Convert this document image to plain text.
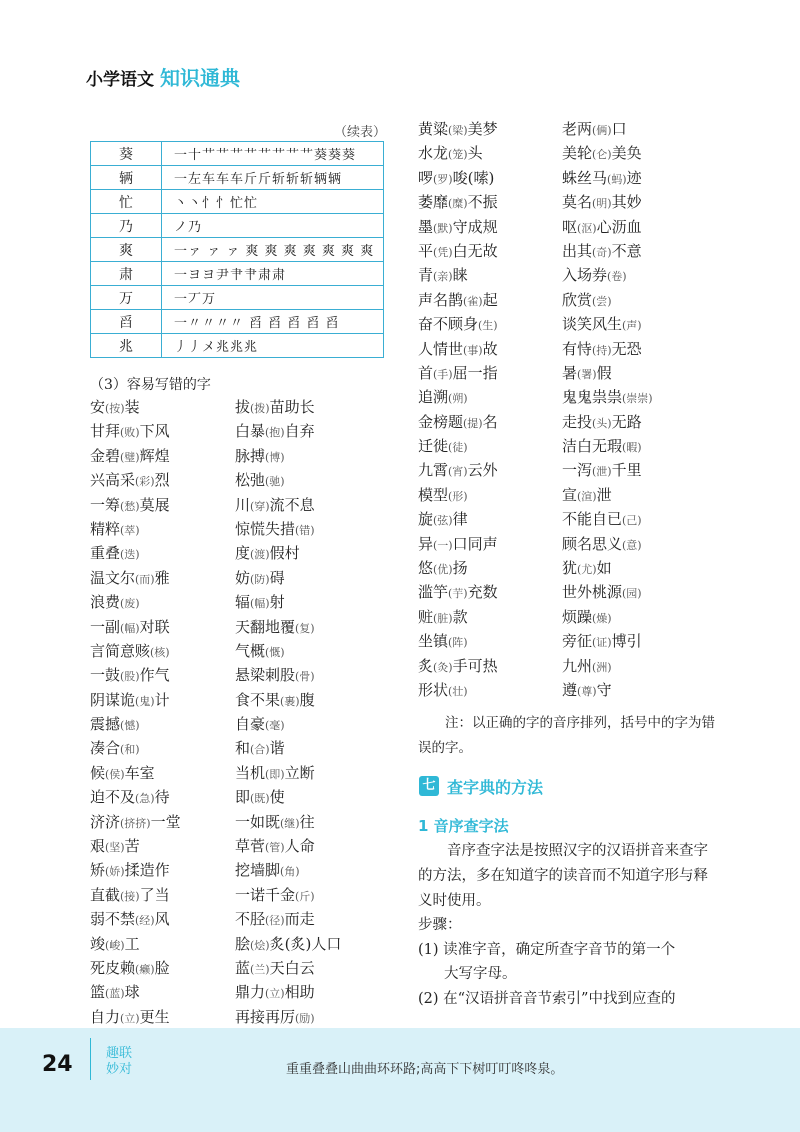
小学语文 知识通典
（续表）
葵	一十艹艹艹艹艹艹艹艹葵葵葵
辆	一左车车车斤斤斩斩斩辆辆
忙	丶丶忄忄忙忙
乃	ノ乃
爽	一ァ ァ ァ 爽 爽 爽 爽 爽 爽 爽
肃	一ヨヨ尹肀肀肃肃
万	一丆万
舀	一〃〃〃〃 舀 舀 舀 舀 舀
兆	丿丿メ兆兆兆
（3）容易写错的字
安(按)装
甘拜(败)下风
金碧(璧)辉煌
兴高采(彩)烈
一筹(愁)莫展
精粹(萃)
重叠(迭)
温文尔(而)雅
浪费(废)
一副(幅)对联
言简意赅(核)
一鼓(股)作气
阴谋诡(鬼)计
震撼(憾)
凑合(和)
候(侯)车室
迫不及(急)待
济济(挤挤)一堂
艰(坚)苦
矫(娇)揉造作
直截(接)了当
弱不禁(经)风
竣(峻)工
死皮赖(癞)脸
篮(蓝)球
自力(立)更生
拔(拨)苗助长
白暴(抱)自弃
脉搏(博)
松弛(驰)
川(穿)流不息
惊慌失措(错)
度(渡)假村
妨(防)碍
辐(幅)射
天翻地覆(复)
气概(慨)
悬梁刺股(骨)
食不果(裹)腹
自豪(毫)
和(合)谐
当机(即)立断
即(既)使
一如既(继)往
草菅(管)人命
挖墙脚(角)
一诺千金(斤)
不胫(径)而走
脍(烩)炙(炙)人口
蓝(兰)天白云
鼎力(立)相助
再接再厉(励)
黄粱(梁)美梦
水龙(笼)头
啰(罗)唆(嗦)
萎靡(糜)不振
墨(默)守成规
平(凭)白无故
青(亲)睐
声名鹊(雀)起
奋不顾身(生)
人情世(事)故
首(手)屈一指
追溯(朔)
金榜题(提)名
迁徙(徒)
九霄(宵)云外
模型(形)
旋(弦)律
异(一)口同声
悠(优)扬
滥竽(芋)充数
赃(脏)款
坐镇(阵)
炙(灸)手可热
形状(壮)
老两(俩)口
美轮(仑)美奂
蛛丝马(蚂)迹
莫名(明)其妙
呕(沤)心沥血
出其(奇)不意
入场券(卷)
欣赏(尝)
谈笑风生(声)
有恃(持)无恐
暑(署)假
鬼鬼祟祟(崇崇)
走投(头)无路
洁白无瑕(暇)
一泻(泄)千里
宣(渲)泄
不能自已(己)
顾名思义(意)
犹(尤)如
世外桃源(园)
烦躁(燥)
旁征(证)博引
九州(洲)
遵(尊)守
注：以正确的字的音序排列，括号中的字为错误的字。
七 查字典的方法
1 音序查字法
音序查字法是按照汉字的汉语拼音来查字的方法，多在知道字的读音而不知道字形与释义时使用。
步骤：
(1) 读准字音，确定所查字音节的第一个
大写字母。
(2) 在“汉语拼音音节索引”中找到应查的
24	趣联
妙对	重重叠叠山曲曲环环路;高高下下树叮叮咚咚泉。
